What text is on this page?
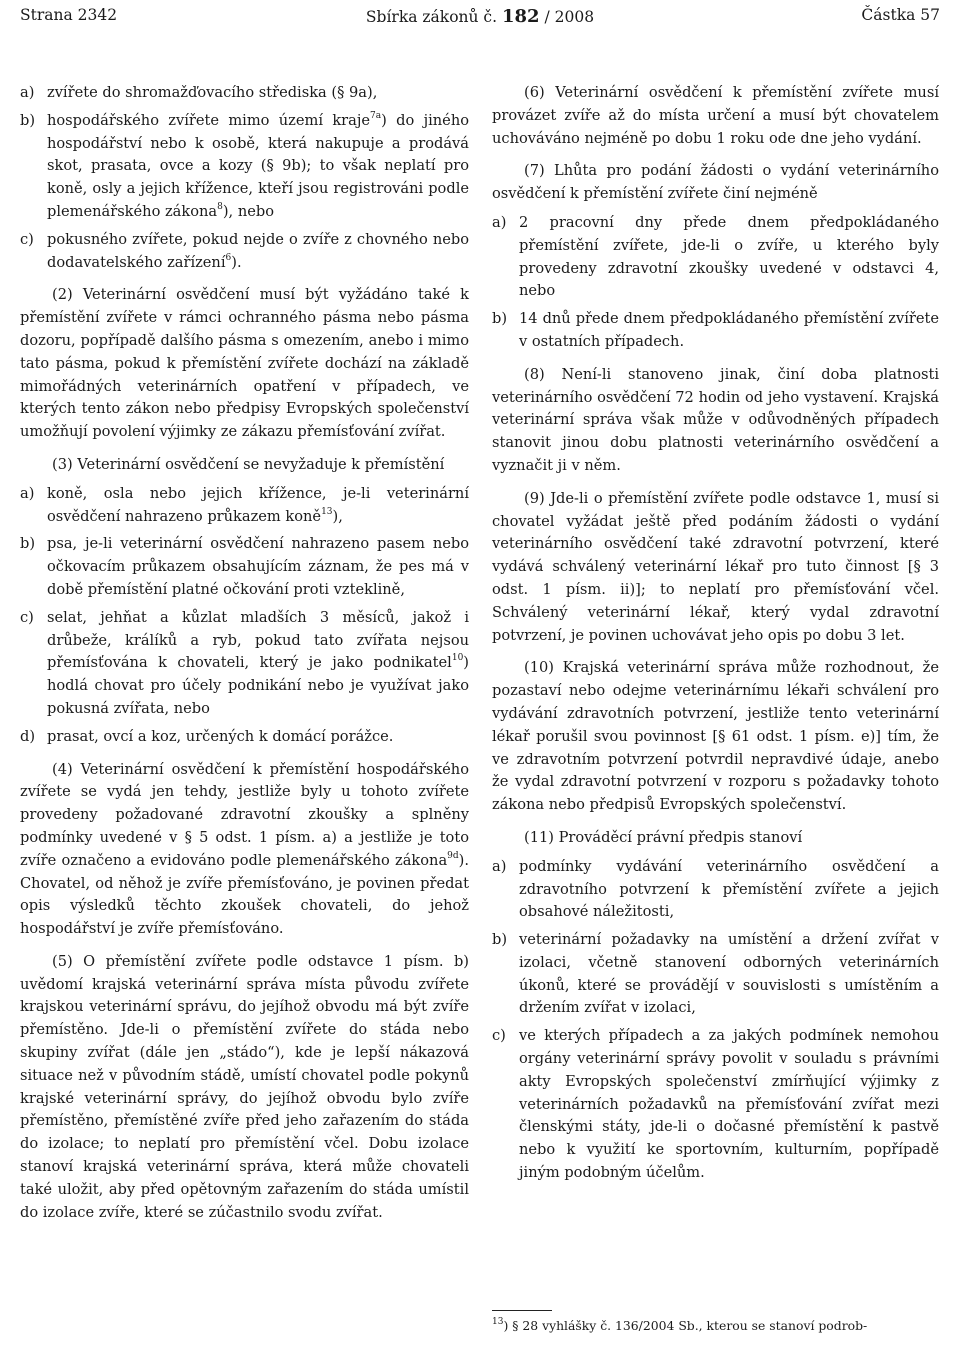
Strana 2342	Sbírka zákonů č. 182 / 2008	Částka 57
a) zvířete do shromažďovacího střediska (§ 9a),
b) hospodářského zvířete mimo území kraje$^{7a}$) do jiného hospodářství nebo k osobě, která nakupuje a prodává skot, prasata, ovce a kozy (§ 9b); to však neplatí pro koně, osly a jejich křížence, kteří jsou registrováni podle plemenářského zákona$^8$), nebo
c) pokusného zvířete, pokud nejde o zvíře z chovného nebo dodavatelského zařízení$^6$).

(2) Veterinární osvědčení musí být vyžádáno také k přemístění zvířete v rámci ochranného pásma nebo pásma dozoru, popřípadě dalšího pásma s omezením, anebo i mimo tato pásma, pokud k přemístění zvířete dochází na základě mimořádných veterinárních opatření v případech, ve kterých tento zákon nebo předpisy Evropských společenství umožňují povolení výjimky ze zákazu přemísťování zvířat.

(3) Veterinární osvědčení se nevyžaduje k přemístění

a) koně, osla nebo jejich křížence, je-li veterinární osvědčení nahrazeno průkazem koně$^{13}$),
b) psa, je-li veterinární osvědčení nahrazeno pasem nebo očkovacím průkazem obsahujícím záznam, že pes má v době přemístění platné očkování proti vzteklině,
c) selat, jehňat a kůzlat mladších 3 měsíců, jakož i drůbeže, králíků a ryb, pokud tato zvířata nejsou přemísťována k chovateli, který je jako podnikatel$^{10}$) hodlá chovat pro účely podnikání nebo je využívat jako pokusná zvířata, nebo
d) prasat, ovcí a koz, určených k domácí porážce.

(4) Veterinární osvědčení k přemístění hospodářského zvířete se vydá jen tehdy, jestliže byly u tohoto zvířete provedeny požadované zdravotní zkoušky a splněny podmínky uvedené v § 5 odst. 1 písm. a) a jestliže je toto zvíře označeno a evidováno podle plemenářského zákona$^{9d}$). Chovatel, od něhož je zvíře přemísťováno, je povinen předat opis výsledků těchto zkoušek chovateli, do jehož hospodářství je zvíře přemísťováno.

(5) O přemístění zvířete podle odstavce 1 písm. b) uvědomí krajská veterinární správa místa původu zvířete krajskou veterinární správu, do jejíhož obvodu má být zvíře přemístěno. Jde-li o přemístění zvířete do stáda nebo skupiny zvířat (dále jen „stádo“), kde je lepší nákazová situace než v původním stádě, umístí chovatel podle pokynů krajské veterinární správy, do jejíhož obvodu bylo zvíře přemístěno, přemístěné zvíře před jeho zařazením do stáda do izolace; to neplatí pro přemístění včel. Dobu izolace stanoví krajská veterinární správa, která může chovateli také uložit, aby před opětovným zařazením do stáda umístil do izolace zvíře, které se zúčastnilo svodu zvířat.

(6) Veterinární osvědčení k přemístění zvířete musí provázet zvíře až do místa určení a musí být chovatelem uchováváno nejméně po dobu 1 roku ode dne jeho vydání.

(7) Lhůta pro podání žádosti o vydání veterinárního osvědčení k přemístění zvířete činí nejméně

a) 2 pracovní dny přede dnem předpokládaného přemístění zvířete, jde-li o zvíře, u kterého byly provedeny zdravotní zkoušky uvedené v odstavci 4, nebo
b) 14 dnů přede dnem předpokládaného přemístění zvířete v ostatních případech.

(8) Není-li stanoveno jinak, činí doba platnosti veterinárního osvědčení 72 hodin od jeho vystavení. Krajská veterinární správa však může v odůvodněných případech stanovit jinou dobu platnosti veterinárního osvědčení a vyznačit ji v něm.

(9) Jde-li o přemístění zvířete podle odstavce 1, musí si chovatel vyžádat ještě před podáním žádosti o vydání veterinárního osvědčení také zdravotní potvrzení, které vydává schválený veterinární lékař pro tuto činnost [§ 3 odst. 1 písm. ii)]; to neplatí pro přemísťování včel. Schválený veterinární lékař, který vydal zdravotní potvrzení, je povinen uchovávat jeho opis po dobu 3 let.

(10) Krajská veterinární správa může rozhodnout, že pozastaví nebo odejme veterinárnímu lékaři schválení pro vydávání zdravotních potvrzení, jestliže tento veterinární lékař porušil svou povinnost [§ 61 odst. 1 písm. e)] tím, že ve zdravotním potvrzení potvrdil nepravdivé údaje, anebo že vydal zdravotní potvrzení v rozporu s požadavky tohoto zákona nebo předpisů Evropských společenství.

(11) Prováděcí právní předpis stanoví

a) podmínky vydávání veterinárního osvědčení a zdravotního potvrzení k přemístění zvířete a jejich obsahové náležitosti,
b) veterinární požadavky na umístění a držení zvířat v izolaci, včetně stanovení odborných veterinárních úkonů, které se provádějí v souvislosti s umístěním a držením zvířat v izolaci,
c) ve kterých případech a za jakých podmínek nemohou orgány veterinární správy povolit v souladu s právními akty Evropských společenství zmírňující výjimky z veterinárních požadavků na přemísťování zvířat mezi členskými státy, jde-li o dočasné přemístění k pastvě nebo k využití ke sportovním, kulturním, popřípadě jiným podobným účelům.
$^{13}$) § 28 vyhlášky č. 136/2004 Sb., kterou se stanoví podrob-
